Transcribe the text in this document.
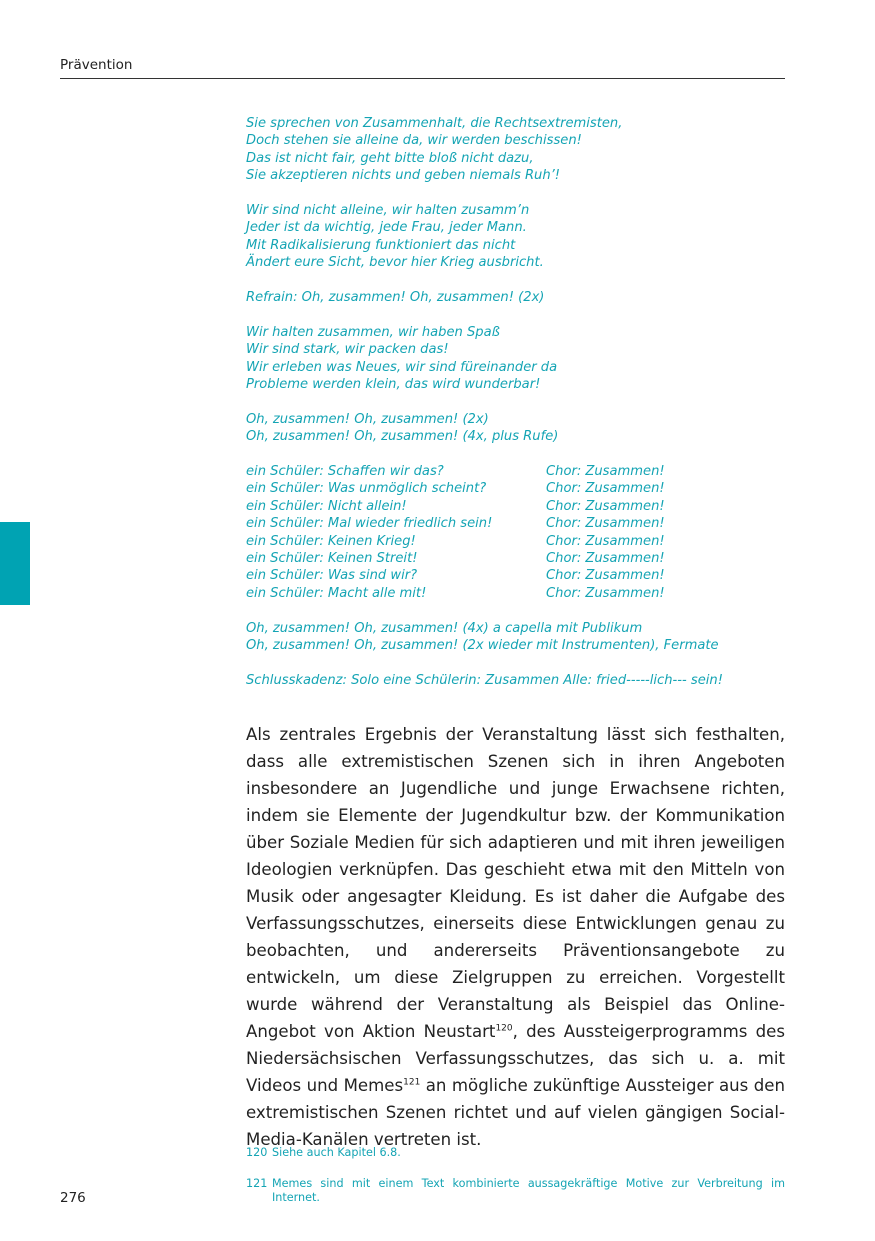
Prävention

Sie sprechen von Zusammenhalt, die Rechtsextremisten,

Doch stehen sie alleine da, wir werden beschissen!

Das ist nicht fair, geht bitte bloß nicht dazu,

Sie akzeptieren nichts und geben niemals Ruh’!

Wir sind nicht alleine, wir halten zusamm’n

Jeder ist da wichtig, jede Frau, jeder Mann.

Mit Radikalisierung funktioniert das nicht

Ändert eure Sicht, bevor hier Krieg ausbricht.

Refrain: Oh, zusammen! Oh, zusammen! (2x)

Wir halten zusammen, wir haben Spaß

Wir sind stark, wir packen das!

Wir erleben was Neues, wir sind füreinander da

Probleme werden klein, das wird wunderbar!

Oh, zusammen! Oh, zusammen! (2x)

Oh, zusammen! Oh, zusammen! (4x, plus Rufe)

ein Schüler: Schaffen wir das?	Chor: Zusammen!
ein Schüler: Was unmöglich scheint?	Chor: Zusammen!
ein Schüler: Nicht allein!	Chor: Zusammen!
ein Schüler: Mal wieder friedlich sein!	Chor: Zusammen!
ein Schüler: Keinen Krieg!	Chor: Zusammen!
ein Schüler: Keinen Streit!	Chor: Zusammen!
ein Schüler: Was sind wir?	Chor: Zusammen!
ein Schüler: Macht alle mit!	Chor: Zusammen!

Oh, zusammen! Oh, zusammen! (4x) a capella mit Publikum

Oh, zusammen! Oh, zusammen! (2x wieder mit Instrumenten), Fermate

Schlusskadenz: Solo eine Schülerin: Zusammen Alle: fried-----lich--- sein!

Als zentrales Ergebnis der Veranstaltung lässt sich festhalten, dass alle extremistischen Szenen sich in ihren Angeboten insbesondere an Jugendliche und junge Erwachsene richten, indem sie Elemente der Jugendkultur bzw. der Kommunikation über Soziale Medien für sich adaptieren und mit ihren jeweiligen Ideologien verknüpfen. Das geschieht etwa mit den Mitteln von Musik oder angesagter Kleidung. Es ist daher die Aufgabe des Verfassungsschutzes, einerseits diese Entwicklungen genau zu beobachten, und andererseits Präventionsangebote zu entwickeln, um diese Zielgruppen zu erreichen. Vorgestellt wurde während der Veranstaltung als Beispiel das Online-Angebot von Aktion Neustart$^{120}$, des Aussteigerprogramms des Niedersächsischen Verfassungsschutzes, das sich u. a. mit Videos und Memes$^{121}$ an mögliche zukünftige Aussteiger aus den extremistischen Szenen richtet und auf vielen gängigen Social-Media-Kanälen vertreten ist.

120 Siehe auch Kapitel 6.8.
121 Memes sind mit einem Text kombinierte aussagekräftige Motive zur Verbreitung im Internet.
276
